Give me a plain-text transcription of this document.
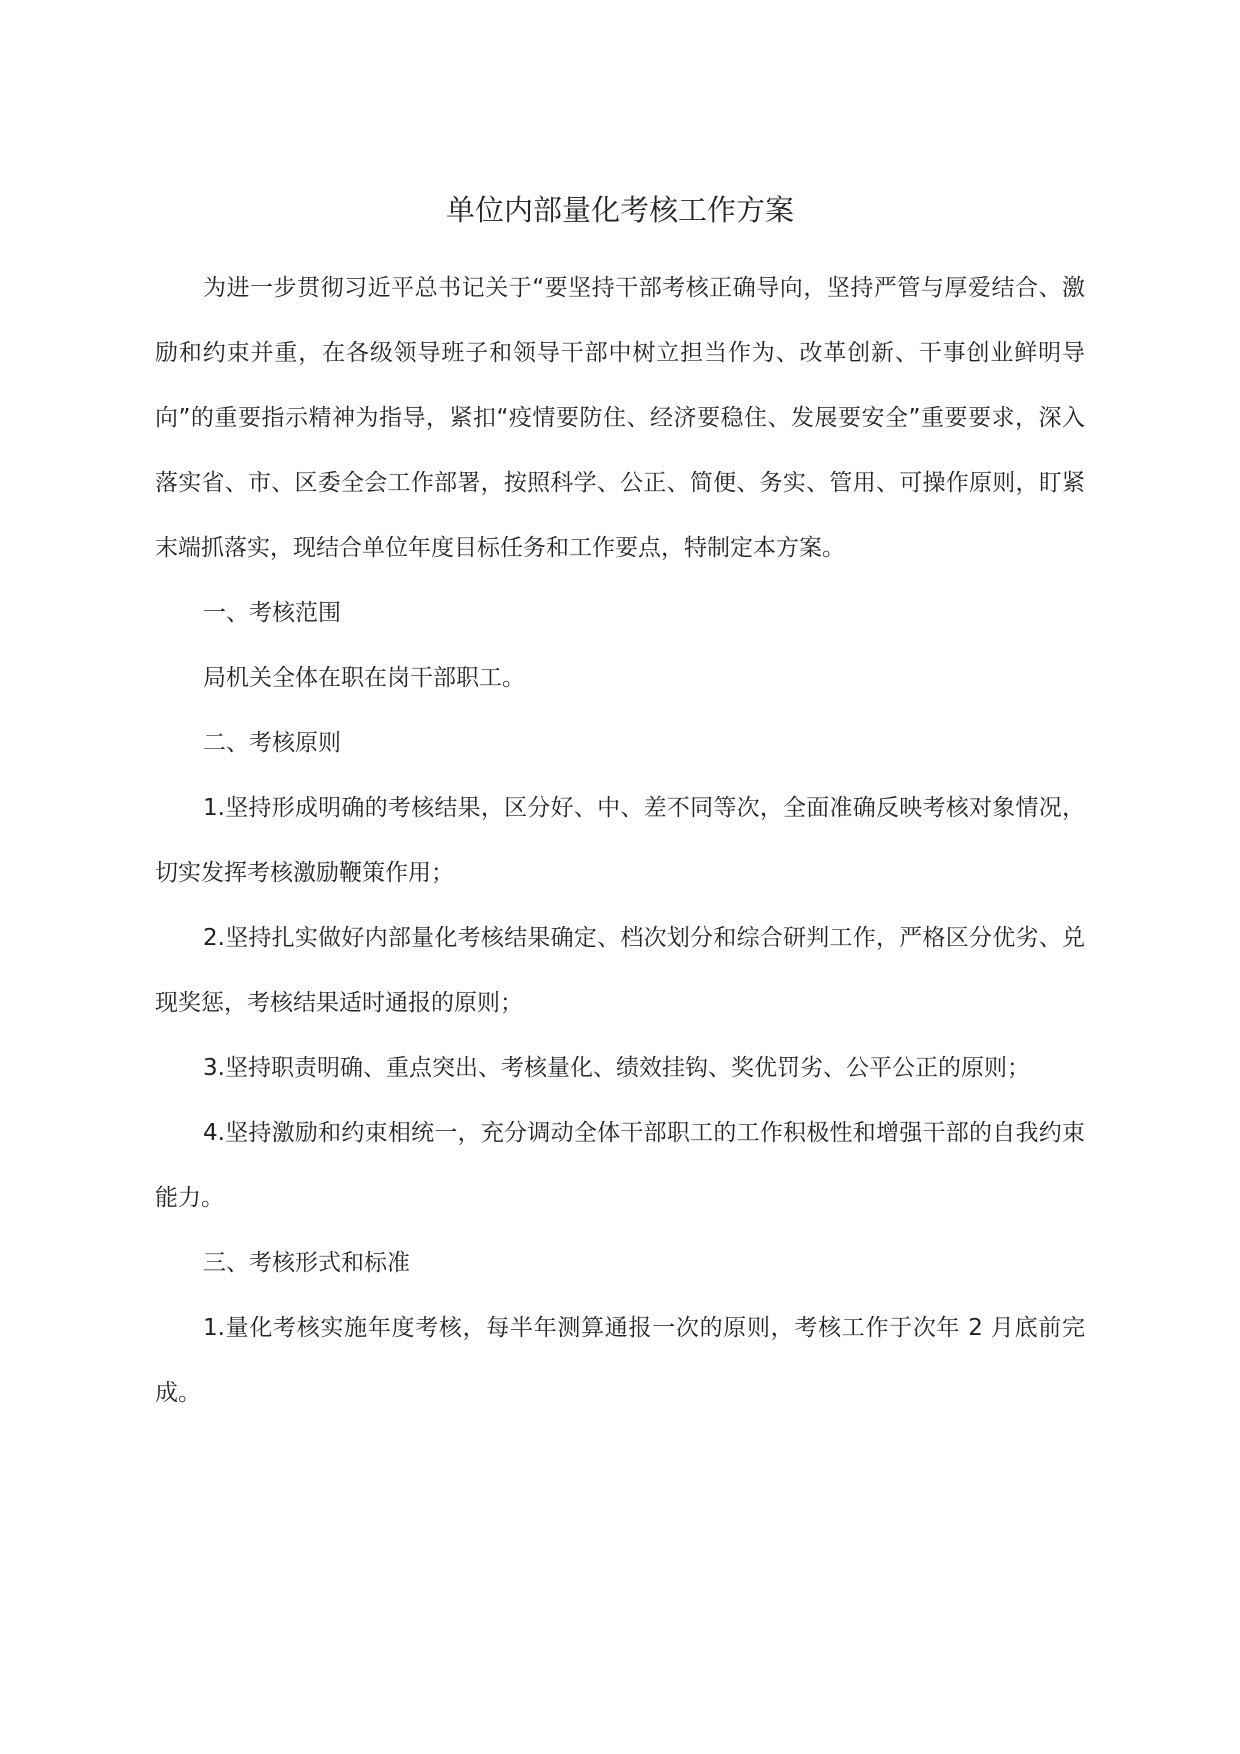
单位内部量化考核工作方案

为进一步贯彻习近平总书记关于“要坚持干部考核正确导向，坚持严管与厚爱结合、激励和约束并重，在各级领导班子和领导干部中树立担当作为、改革创新、干事创业鲜明导向”的重要指示精神为指导，紧扣“疫情要防住、经济要稳住、发展要安全”重要要求，深入落实省、市、区委全会工作部署，按照科学、公正、简便、务实、管用、可操作原则，盯紧末端抓落实，现结合单位年度目标任务和工作要点，特制定本方案。

一、考核范围

局机关全体在职在岗干部职工。

二、考核原则

1.坚持形成明确的考核结果，区分好、中、差不同等次，全面准确反映考核对象情况，切实发挥考核激励鞭策作用；

2.坚持扎实做好内部量化考核结果确定、档次划分和综合研判工作，严格区分优劣、兑现奖惩，考核结果适时通报的原则；

3.坚持职责明确、重点突出、考核量化、绩效挂钩、奖优罚劣、公平公正的原则；

4.坚持激励和约束相统一，充分调动全体干部职工的工作积极性和增强干部的自我约束能力。

三、考核形式和标准

1.量化考核实施年度考核，每半年测算通报一次的原则，考核工作于次年 2 月底前完成。
